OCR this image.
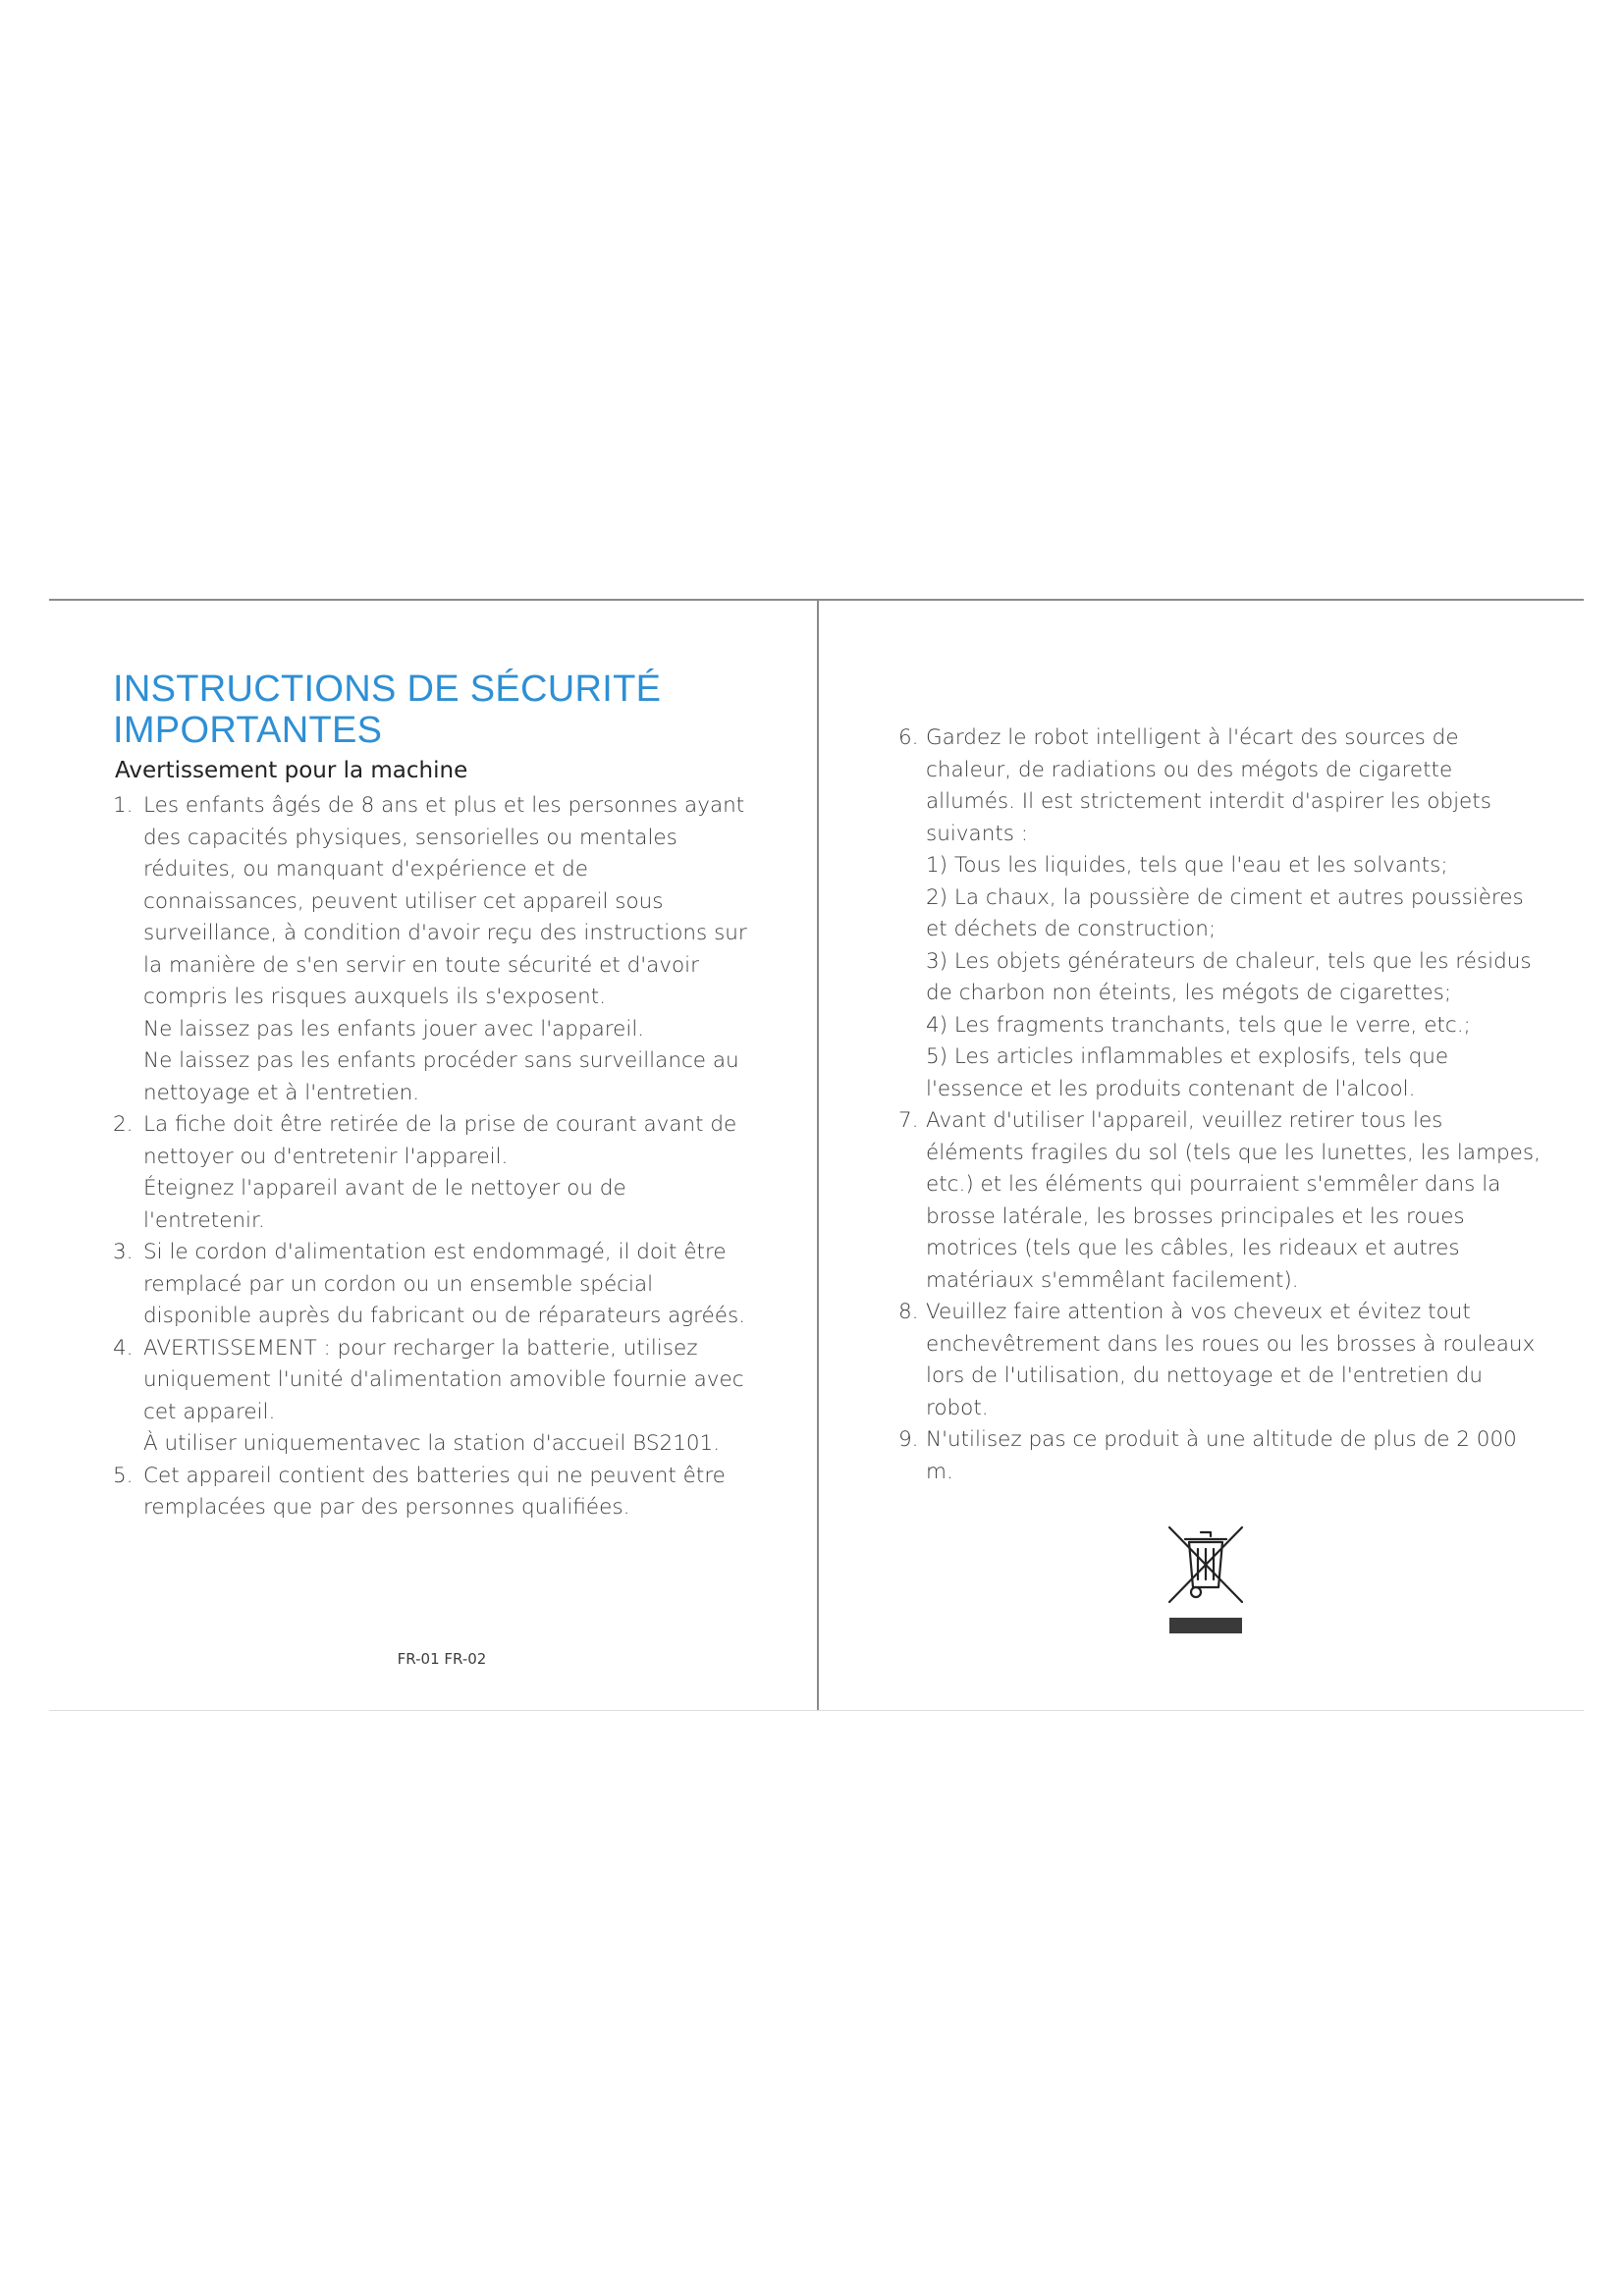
INSTRUCTIONS DE SÉCURITÉ IMPORTANTES
Avertissement pour la machine
1. Les enfants âgés de 8 ans et plus et les personnes ayant des capacités physiques, sensorielles ou mentales réduites, ou manquant d'expérience et de connaissances, peuvent utiliser cet appareil sous surveillance, à condition d'avoir reçu des instructions sur la manière de s'en servir en toute sécurité et d'avoir compris les risques auxquels ils s'exposent.
Ne laissez pas les enfants jouer avec l'appareil.
Ne laissez pas les enfants procéder sans surveillance au nettoyage et à l'entretien.
2. La fiche doit être retirée de la prise de courant avant de nettoyer ou d'entretenir l'appareil.
Éteignez l'appareil avant de le nettoyer ou de l'entretenir.
3. Si le cordon d'alimentation est endommagé, il doit être remplacé par un cordon ou un ensemble spécial disponible auprès du fabricant ou de réparateurs agréés.
4. AVERTISSEMENT : pour recharger la batterie, utilisez uniquement l'unité d'alimentation amovible fournie avec cet appareil.
À utiliser uniquementavec la station d'accueil BS2101.
5. Cet appareil contient des batteries qui ne peuvent être remplacées que par des personnes qualifiées.
6. Gardez le robot intelligent à l'écart des sources de chaleur, de radiations ou des mégots de cigarette allumés. Il est strictement interdit d'aspirer les objets suivants :
1) Tous les liquides, tels que l'eau et les solvants;
2) La chaux, la poussière de ciment et autres poussières et déchets de construction;
3) Les objets générateurs de chaleur, tels que les résidus de charbon non éteints, les mégots de cigarettes;
4) Les fragments tranchants, tels que le verre, etc.;
5) Les articles inflammables et explosifs, tels que l'essence et les produits contenant de l'alcool.
7. Avant d'utiliser l'appareil, veuillez retirer tous les éléments fragiles du sol (tels que les lunettes, les lampes, etc.) et les éléments qui pourraient s'emmêler dans la brosse latérale, les brosses principales et les roues motrices (tels que les câbles, les rideaux et autres matériaux s'emmêlant facilement).
8. Veuillez faire attention à vos cheveux et évitez tout enchevêtrement dans les roues ou les brosses à rouleaux lors de l'utilisation, du nettoyage et de l'entretien du robot.
9. N'utilisez pas ce produit à une altitude de plus de 2 000 m.
FR-01 FR-02
